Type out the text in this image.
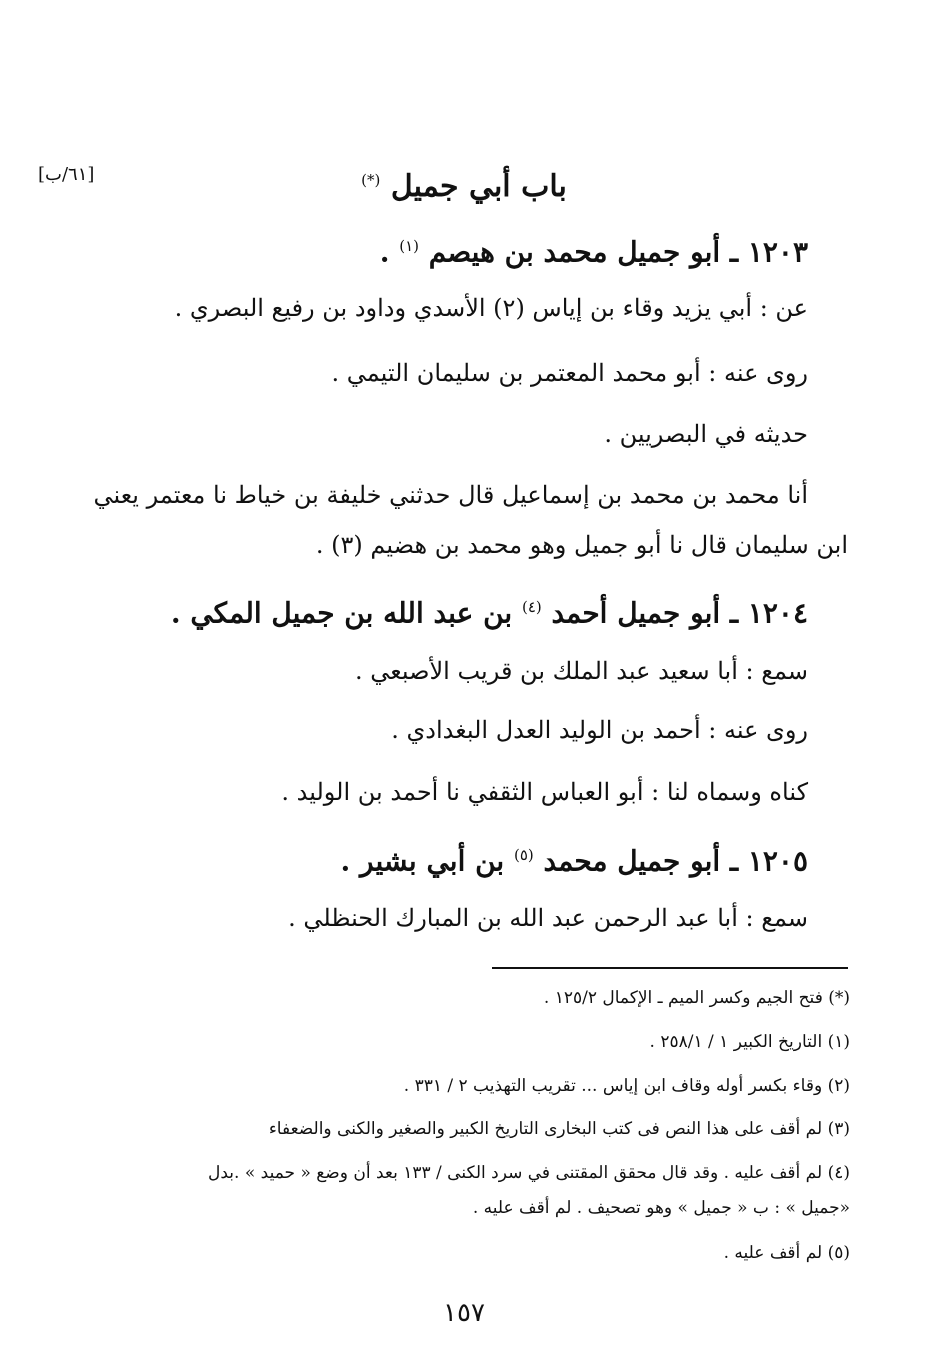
[٦١/ب]	باب أبي جميل (*)
١٢٠٣ ـ أبو جميل محمد بن هيصم $^{(١)}$ .
عن : أبي يزيد وقاء بن إياس (٢) الأسدي وداود بن رفيع البصري .
روى عنه : أبو محمد المعتمر بن سليمان التيمي .
حديثه في البصريين .
أنا محمد بن محمد بن إسماعيل قال حدثني خليفة بن خياط نا معتمر يعني
ابن سليمان قال نا أبو جميل وهو محمد بن هضيم (٣) .
١٢٠٤ ـ أبو جميل أحمد $^{(٤)}$ بن عبد الله بن جميل المكي .
سمع : أبا سعيد عبد الملك بن قريب الأصبعي .
روى عنه : أحمد بن الوليد العدل البغدادي .
كناه وسماه لنا : أبو العباس الثقفي نا أحمد بن الوليد .
١٢٠٥ ـ أبو جميل محمد $^{(٥)}$ بن أبي بشير .
سمع : أبا عبد الرحمن عبد الله بن المبارك الحنظلي .
(*) فتح الجيم وكسر الميم ـ الإكمال ١٢٥/٢ .
(١) التاريخ الكبير ١ / ٢٥٨/١ .
(٢) وقاء بكسر أوله وقاف ابن إياس ... تقريب التهذيب ٢ / ٣٣١ .
(٣) لم أقف على هذا النص فى كتب البخارى التاريخ الكبير والصغير والكنى والضعفاء
(٤) لم أقف عليه . وقد قال محقق المقتنى في سرد الكنى / ١٣٣ بعد أن وضع « حميد » .بدل
«جميل » : ب « جميل » وهو تصحيف . لم أقف عليه .
(٥) لم أقف عليه .
١٥٧
